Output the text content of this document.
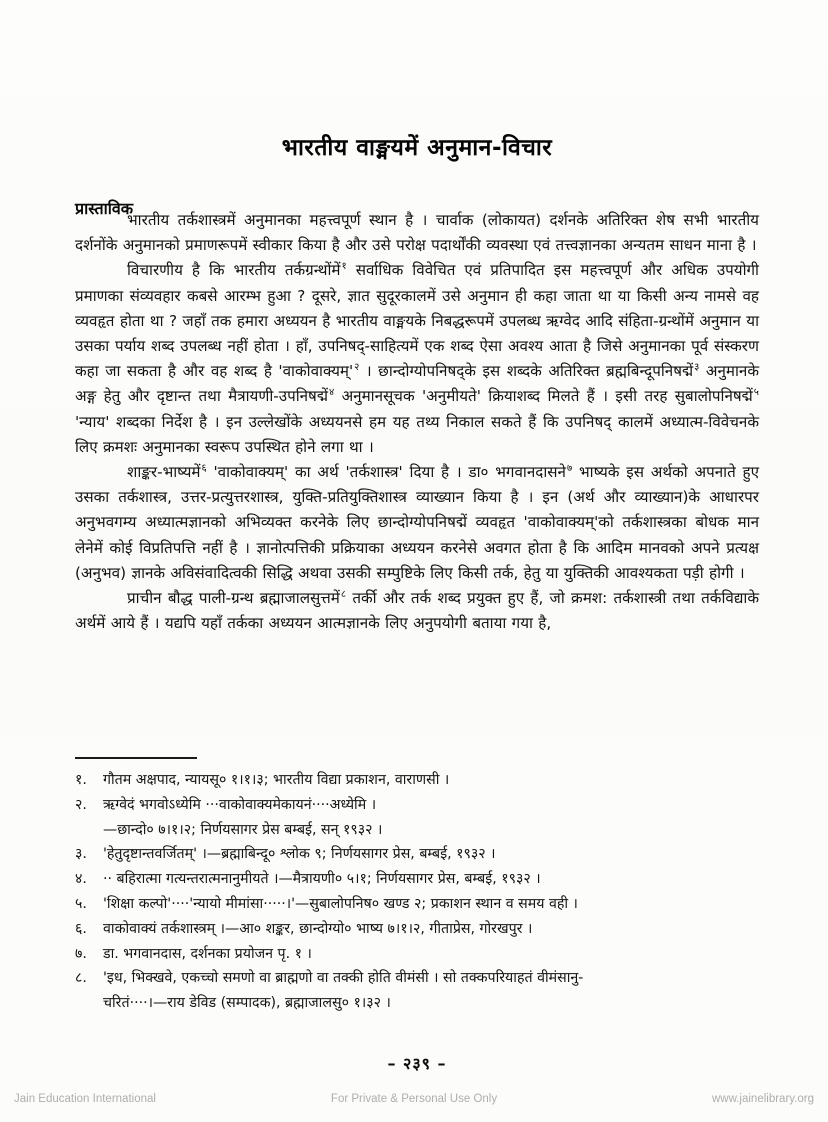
भारतीय वाङ्मयमें अनुमान-विचार
प्रास्ताविक

भारतीय तर्कशास्त्रमें अनुमानका महत्त्वपूर्ण स्थान है । चार्वाक (लोकायत) दर्शनके अतिरिक्त शेष सभी भारतीय दर्शनोंके अनुमानको प्रमाणरूपमें स्वीकार किया है और उसे परोक्ष पदार्थोंकी व्यवस्था एवं तत्त्वज्ञानका अन्यतम साधन माना है ।

विचारणीय है कि भारतीय तर्कग्रन्थोंमें$^१$ सर्वाधिक विवेचित एवं प्रतिपादित इस महत्त्वपूर्ण और अधिक उपयोगी प्रमाणका संव्यवहार कबसे आरम्भ हुआ ? दूसरे, ज्ञात सुदूरकालमें उसे अनुमान ही कहा जाता था या किसी अन्य नामसे वह व्यवहृत होता था ? जहाँ तक हमारा अध्ययन है भारतीय वाङ्मयके निबद्धरूपमें उपलब्ध ऋग्वेद आदि संहिता-ग्रन्थोंमें अनुमान या उसका पर्याय शब्द उपलब्ध नहीं होता । हाँ, उपनिषद्-साहित्यमें एक शब्द ऐसा अवश्य आता है जिसे अनुमानका पूर्व संस्करण कहा जा सकता है और वह शब्द है 'वाकोवाक्यम्'$^२$ । छान्दोग्योपनिषद्के इस शब्दके अतिरिक्त ब्रह्मबिन्दूपनिषद्में$^३$ अनुमानके अङ्ग हेतु और दृष्टान्त तथा मैत्रायणी-उपनिषद्में$^४$ अनुमानसूचक 'अनुमीयते' क्रियाशब्द मिलते हैं । इसी तरह सुबालोपनिषद्में$^५$ 'न्याय' शब्दका निर्देश है । इन उल्लेखोंके अध्ययनसे हम यह तथ्य निकाल सकते हैं कि उपनिषद् कालमें अध्यात्म-विवेचनके लिए क्रमशः अनुमानका स्वरूप उपस्थित होने लगा था ।

शाङ्कर-भाष्यमें$^६$ 'वाकोवाक्यम्' का अर्थ 'तर्कशास्त्र' दिया है । डा० भगवानदासने$^७$ भाष्यके इस अर्थको अपनाते हुए उसका तर्कशास्त्र, उत्तर-प्रत्युत्तरशास्त्र, युक्ति-प्रतियुक्तिशास्त्र व्याख्यान किया है । इन (अर्थ और व्याख्यान)के आधारपर अनुभवगम्य अध्यात्मज्ञानको अभिव्यक्त करनेके लिए छान्दोग्योपनिषद्में व्यवहृत 'वाकोवाक्यम्'को तर्कशास्त्रका बोधक मान लेनेमें कोई विप्रतिपत्ति नहीं है । ज्ञानोत्पत्तिकी प्रक्रियाका अध्ययन करनेसे अवगत होता है कि आदिम मानवको अपने प्रत्यक्ष (अनुभव) ज्ञानके अविसंवादित्वकी सिद्धि अथवा उसकी सम्पुष्टिके लिए किसी तर्क, हेतु या युक्तिकी आवश्यकता पड़ी होगी ।

प्राचीन बौद्ध पाली-ग्रन्थ ब्रह्माजालसुत्तमें$^८$ तर्की और तर्क शब्द प्रयुक्त हुए हैं, जो क्रमश: तर्कशास्त्री तथा तर्कविद्याके अर्थमें आये हैं । यद्यपि यहाँ तर्कका अध्ययन आत्मज्ञानके लिए अनुपयोगी बताया गया है,

१.	गौतम अक्षपाद, न्यायसू० १।१।३; भारतीय विद्या प्रकाशन, वाराणसी ।
२.	ऋग्वेदं भगवोऽध्येमि ···वाकोवाक्यमेकायनं····अध्येमि ।
—छान्दो० ७।१।२; निर्णयसागर प्रेस बम्बई, सन् १९३२ ।
३.	'हेतुदृष्टान्तवर्जितम्' ।—ब्रह्माबिन्दू० श्लोक ९; निर्णयसागर प्रेस, बम्बई, १९३२ ।
४.	·· बहिरात्मा गत्यन्तरात्मनानुमीयते ।—मैत्रायणी० ५।१; निर्णयसागर प्रेस, बम्बई, १९३२ ।
५.	'शिक्षा कल्पो'····'न्यायो मीमांसा·····।'—सुबालोपनिष० खण्ड २; प्रकाशन स्थान व समय वही ।
६.	वाकोवाक्यं तर्कशास्त्रम् ।—आ० शङ्कर, छान्दोग्यो० भाष्य ७।१।२, गीताप्रेस, गोरखपुर ।
७.	डा. भगवानदास, दर्शनका प्रयोजन पृ. १ ।
८.	'इध, भिक्खवे, एकच्चो समणो वा ब्राह्मणो वा तक्की होति वीमंसी । सो तक्कपरियाहतं वीमंसानु-
चरितं····।—राय डेविड (सम्पादक), ब्रह्माजालसु० १।३२ ।
– २३९ –
Jain Education International	For Private & Personal Use Only	www.jainelibrary.org
